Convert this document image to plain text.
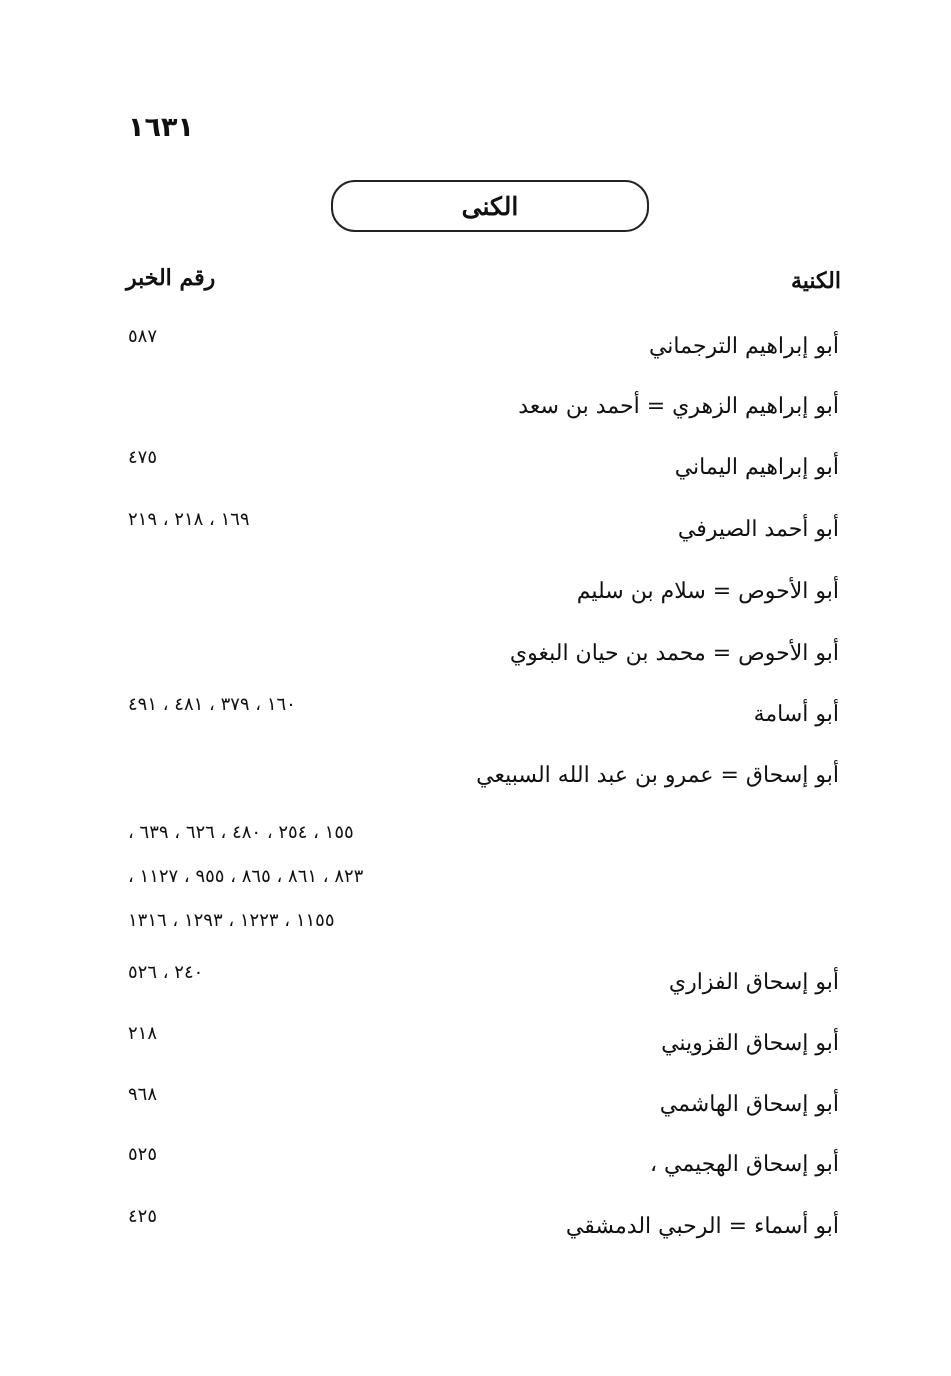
١٦٣١
الكنى
الكنية
رقم الخبر
أبو إبراهيم الترجماني
٥٨٧
أبو إبراهيم الزهري = أحمد بن سعد
أبو إبراهيم اليماني
٤٧٥
أبو أحمد الصيرفي
١٦٩ ، ٢١٨ ، ٢١٩
أبو الأحوص = سلام بن سليم
أبو الأحوص = محمد بن حيان البغوي
أبو أسامة
١٦٠ ، ٣٧٩ ، ٤٨١ ، ٤٩١
أبو إسحاق = عمرو بن عبد الله السبيعي
١٥٥ ، ٢٥٤ ، ٤٨٠ ، ٦٢٦ ، ٦٣٩ ،
٨٢٣ ، ٨٦١ ، ٨٦٥ ، ٩٥٥ ، ١١٢٧ ،
١١٥٥ ، ١٢٢٣ ، ١٢٩٣ ، ١٣١٦
أبو إسحاق الفزاري
٢٤٠ ، ٥٢٦
أبو إسحاق القزويني
٢١٨
أبو إسحاق الهاشمي
٩٦٨
أبو إسحاق الهجيمي ،
٥٢٥
أبو أسماء = الرحبي الدمشقي
٤٢٥
